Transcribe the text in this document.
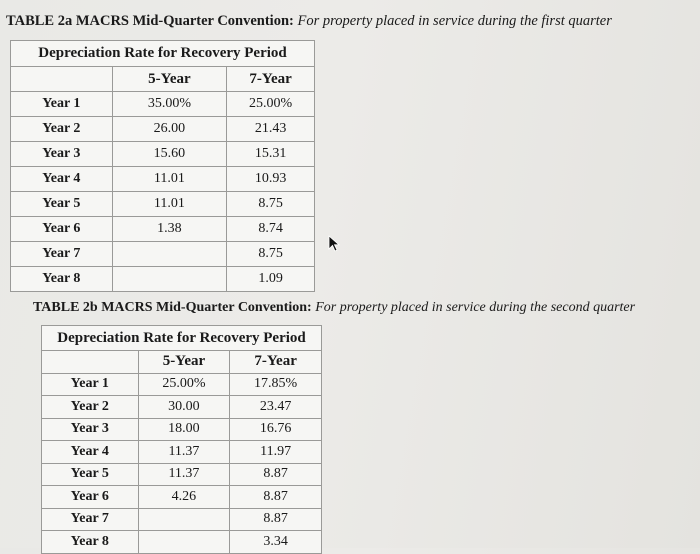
TABLE 2a MACRS Mid-Quarter Convention: For property placed in service during the first quarter
Depreciation Rate for Recovery Period		
	5-Year	7-Year
Year 1	35.00%	25.00%
Year 2	26.00	21.43
Year 3	15.60	15.31
Year 4	11.01	10.93
Year 5	11.01	8.75
Year 6	1.38	8.74
Year 7		8.75
Year 8		1.09
TABLE 2b MACRS Mid-Quarter Convention: For property placed in service during the second quarter
Depreciation Rate for Recovery Period		
	5-Year	7-Year
Year 1	25.00%	17.85%
Year 2	30.00	23.47
Year 3	18.00	16.76
Year 4	11.37	11.97
Year 5	11.37	8.87
Year 6	4.26	8.87
Year 7		8.87
Year 8		3.34
